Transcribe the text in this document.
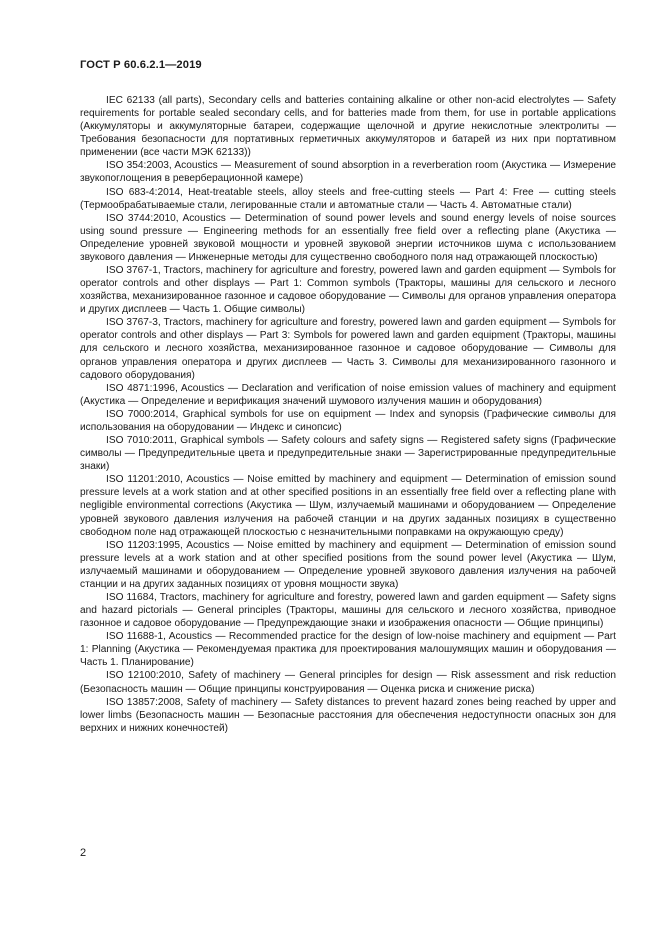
ГОСТ Р 60.6.2.1—2019

IEC 62133 (all parts), Secondary cells and batteries containing alkaline or other non-acid electrolytes — Safety requirements for portable sealed secondary cells, and for batteries made from them, for use in portable applications (Аккумуляторы и аккумуляторные батареи, содержащие щелочной и другие некислотные электролиты — Требования безопасности для портативных герметичных аккумуляторов и батарей из них при портативном применении (все части МЭК 62133))

ISO 354:2003, Acoustics — Measurement of sound absorption in a reverberation room (Акустика — Измерение звукопоглощения в реверберационной камере)

ISO 683-4:2014, Heat-treatable steels, alloy steels and free-cutting steels — Part 4: Free — cutting steels (Термообрабатываемые стали, легированные стали и автоматные стали — Часть 4. Автоматные стали)

ISO 3744:2010, Acoustics — Determination of sound power levels and sound energy levels of noise sources using sound pressure — Engineering methods for an essentially free field over a reflecting plane (Акустика — Определение уровней звуковой мощности и уровней звуковой энергии источников шума с использованием звукового давления — Инженерные методы для существенно свободного поля над отражающей плоскостью)

ISO 3767-1, Tractors, machinery for agriculture and forestry, powered lawn and garden equipment — Symbols for operator controls and other displays — Part 1: Common symbols (Тракторы, машины для сельского и лесного хозяйства, механизированное газонное и садовое оборудование — Символы для органов управления оператора и других дисплеев — Часть 1. Общие символы)

ISO 3767-3, Tractors, machinery for agriculture and forestry, powered lawn and garden equipment — Symbols for operator controls and other displays — Part 3: Symbols for powered lawn and garden equipment (Тракторы, машины для сельского и лесного хозяйства, механизированное газонное и садовое оборудование — Символы для органов управления оператора и других дисплеев — Часть 3. Символы для механизированного газонного и садового оборудования)

ISO 4871:1996, Acoustics — Declaration and verification of noise emission values of machinery and equipment (Акустика — Определение и верификация значений шумового излучения машин и оборудования)

ISO 7000:2014, Graphical symbols for use on equipment — Index and synopsis (Графические символы для использования на оборудовании — Индекс и синопсис)

ISO 7010:2011, Graphical symbols — Safety colours and safety signs — Registered safety signs (Графические символы — Предупредительные цвета и предупредительные знаки — Зарегистрированные предупредительные знаки)

ISO 11201:2010, Acoustics — Noise emitted by machinery and equipment — Determination of emission sound pressure levels at a work station and at other specified positions in an essentially free field over a reflecting plane with negligible environmental corrections (Акустика — Шум, излучаемый машинами и оборудованием — Определение уровней звукового давления излучения на рабочей станции и на других заданных позициях в существенно свободном поле над отражающей плоскостью с незначительными поправками на окружающую среду)

ISO 11203:1995, Acoustics — Noise emitted by machinery and equipment — Determination of emission sound pressure levels at a work station and at other specified positions from the sound power level (Акустика — Шум, излучаемый машинами и оборудованием — Определение уровней звукового давления излучения на рабочей станции и на других заданных позициях от уровня мощности звука)

ISO 11684, Tractors, machinery for agriculture and forestry, powered lawn and garden equipment — Safety signs and hazard pictorials — General principles (Тракторы, машины для сельского и лесного хозяйства, приводное газонное и садовое оборудование — Предупреждающие знаки и изображения опасности — Общие принципы)

ISO 11688-1, Acoustics — Recommended practice for the design of low-noise machinery and equipment — Part 1: Planning (Акустика — Рекомендуемая практика для проектирования малошумящих машин и оборудования — Часть 1. Планирование)

ISO 12100:2010, Safety of machinery — General principles for design — Risk assessment and risk reduction (Безопасность машин — Общие принципы конструирования — Оценка риска и снижение риска)

ISO 13857:2008, Safety of machinery — Safety distances to prevent hazard zones being reached by upper and lower limbs (Безопасность машин — Безопасные расстояния для обеспечения недоступности опасных зон для верхних и нижних конечностей)

2
